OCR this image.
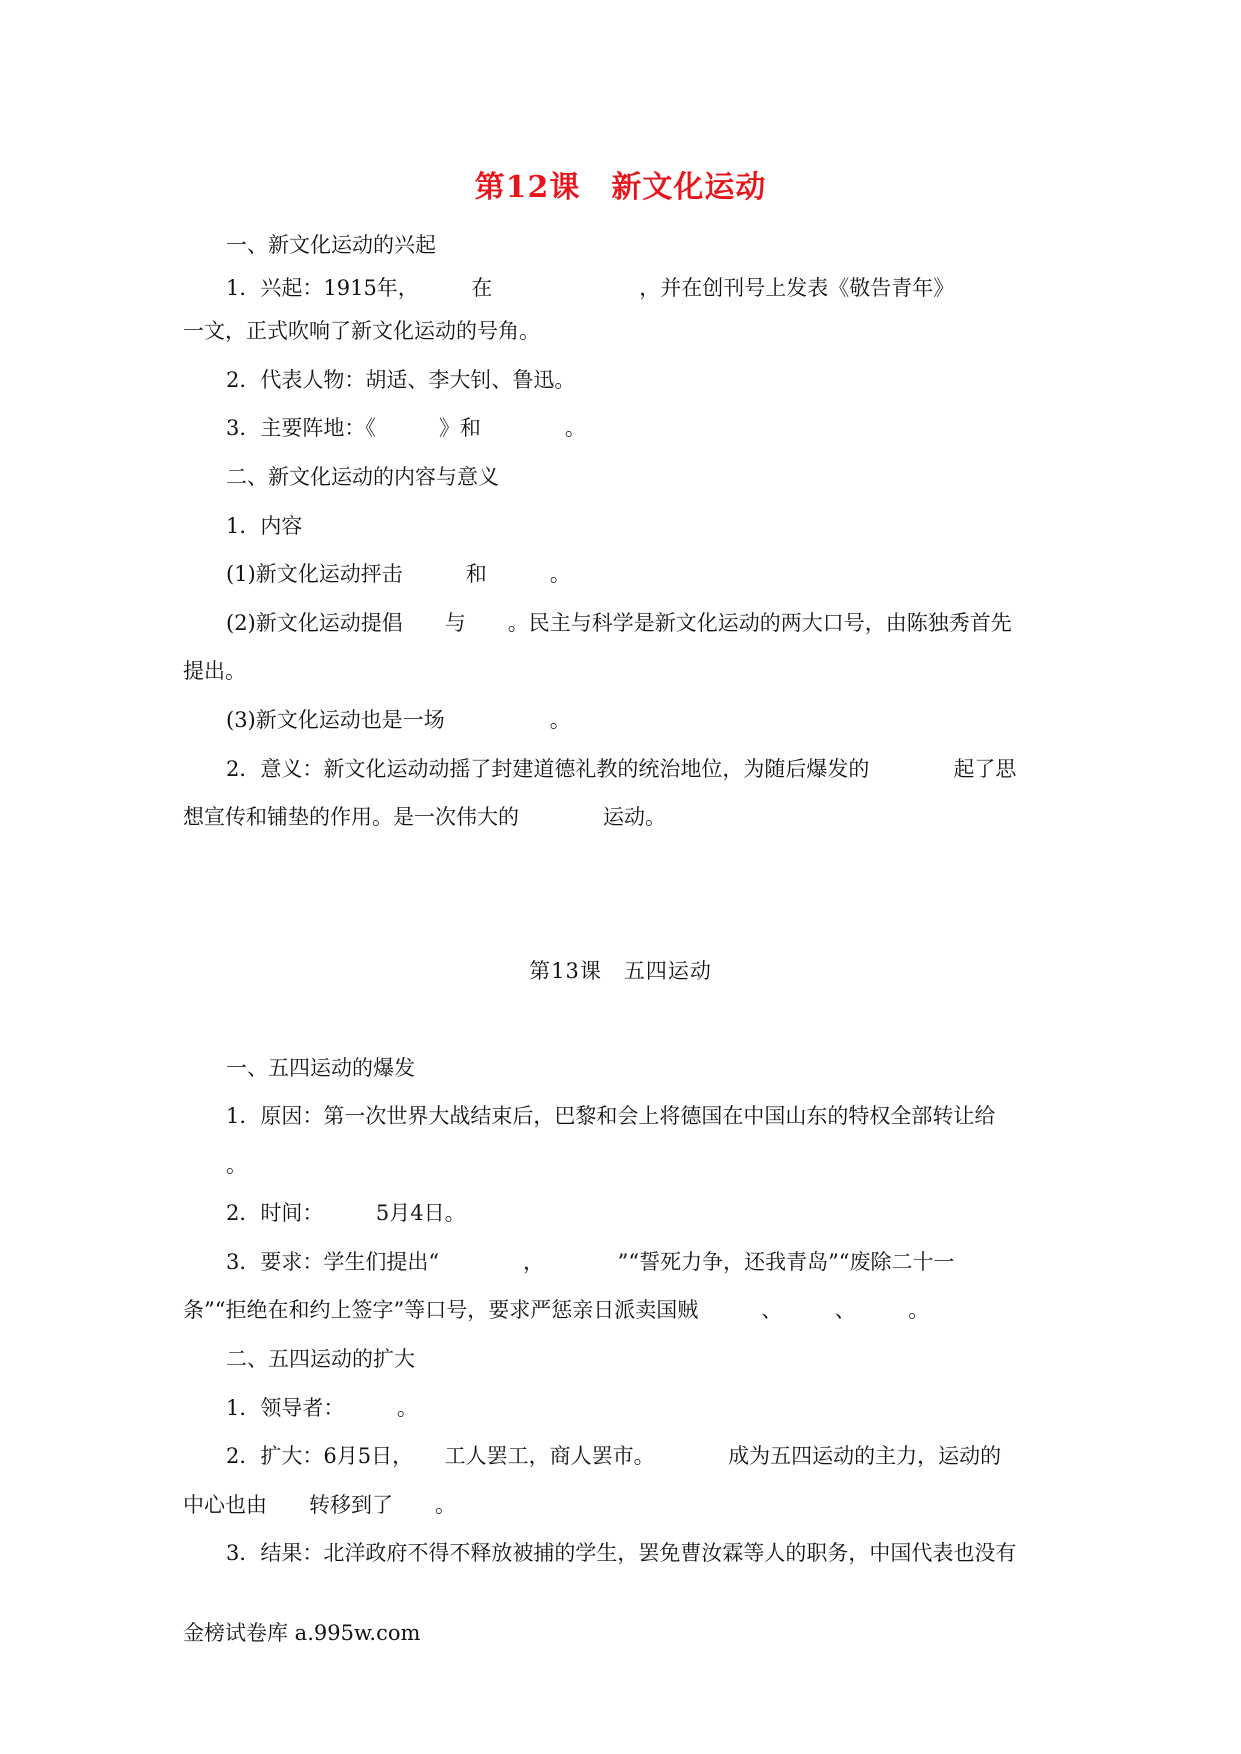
第12课　新文化运动
一、新文化运动的兴起
1．兴起：1915年，　　　在　　　　　　　，并在创刊号上发表《敬告青年》
一文，正式吹响了新文化运动的号角。
2．代表人物：胡适、李大钊、鲁迅。
3．主要阵地：《　　　》和　　　　。
二、新文化运动的内容与意义
1．内容
(1)新文化运动抨击　　　和　　　。
(2)新文化运动提倡　　与　　。民主与科学是新文化运动的两大口号，由陈独秀首先
提出。
(3)新文化运动也是一场　　　　　。
2．意义：新文化运动动摇了封建道德礼教的统治地位，为随后爆发的　　　　起了思
想宣传和铺垫的作用。是一次伟大的　　　　运动。
第13课　五四运动
一、五四运动的爆发
1．原因：第一次世界大战结束后，巴黎和会上将德国在中国山东的特权全部转让给
。
2．时间：　　　5月4日。
3．要求：学生们提出“　　　　，　　　　”“誓死力争，还我青岛”“废除二十一
条”“拒绝在和约上签字”等口号，要求严惩亲日派卖国贼　　　、　　　、　　　。
二、五四运动的扩大
1．领导者：　　　。
2．扩大：6月5日，　　工人罢工，商人罢市。　　　　成为五四运动的主力，运动的
中心也由　　转移到了　　。
3．结果：北洋政府不得不释放被捕的学生，罢免曹汝霖等人的职务，中国代表也没有
金榜试卷库 a.995w.com
